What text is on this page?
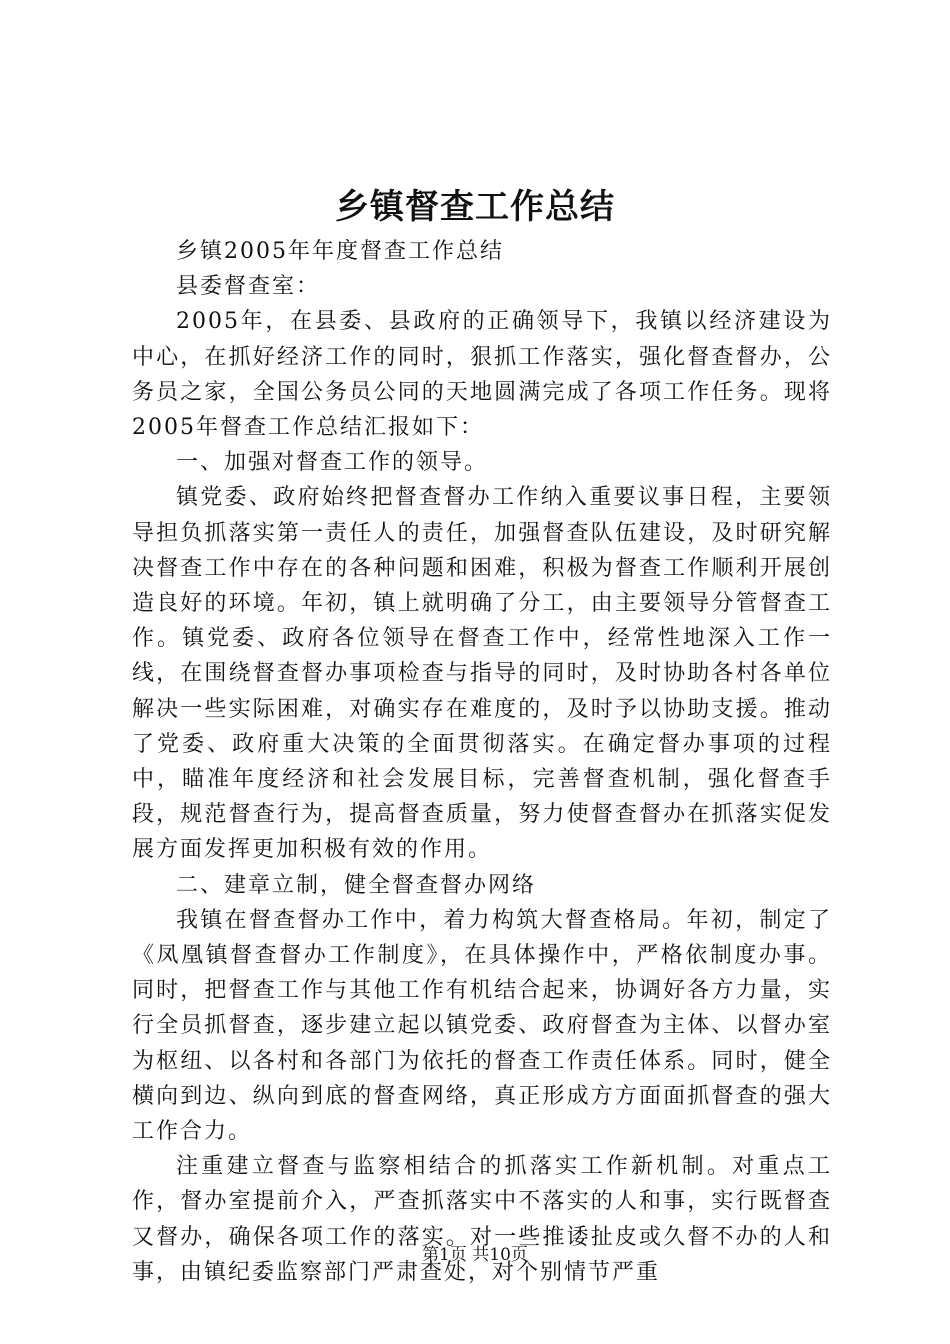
乡镇督查工作总结

乡镇2005年年度督查工作总结

县委督查室：

2005年，在县委、县政府的正确领导下，我镇以经济建设为中心，在抓好经济工作的同时，狠抓工作落实，强化督查督办，公务员之家，全国公务员公同的天地圆满完成了各项工作任务。现将2005年督查工作总结汇报如下：

一、加强对督查工作的领导。

镇党委、政府始终把督查督办工作纳入重要议事日程，主要领导担负抓落实第一责任人的责任，加强督查队伍建设，及时研究解决督查工作中存在的各种问题和困难，积极为督查工作顺利开展创造良好的环境。年初，镇上就明确了分工，由主要领导分管督查工作。镇党委、政府各位领导在督查工作中，经常性地深入工作一线，在围绕督查督办事项检查与指导的同时，及时协助各村各单位解决一些实际困难，对确实存在难度的，及时予以协助支援。推动了党委、政府重大决策的全面贯彻落实。在确定督办事项的过程中，瞄准年度经济和社会发展目标，完善督查机制，强化督查手段，规范督查行为，提高督查质量，努力使督查督办在抓落实促发展方面发挥更加积极有效的作用。

二、建章立制，健全督查督办网络

我镇在督查督办工作中，着力构筑大督查格局。年初，制定了《凤凰镇督查督办工作制度》，在具体操作中，严格依制度办事。同时，把督查工作与其他工作有机结合起来，协调好各方力量，实行全员抓督查，逐步建立起以镇党委、政府督查为主体、以督办室为枢纽、以各村和各部门为依托的督查工作责任体系。同时，健全横向到边、纵向到底的督查网络，真正形成方方面面抓督查的强大工作合力。

注重建立督查与监察相结合的抓落实工作新机制。对重点工作，督办室提前介入，严查抓落实中不落实的人和事，实行既督查又督办，确保各项工作的落实。对一些推诿扯皮或久督不办的人和事，由镇纪委监察部门严肃查处，对个别情节严重

第1页 共10页
